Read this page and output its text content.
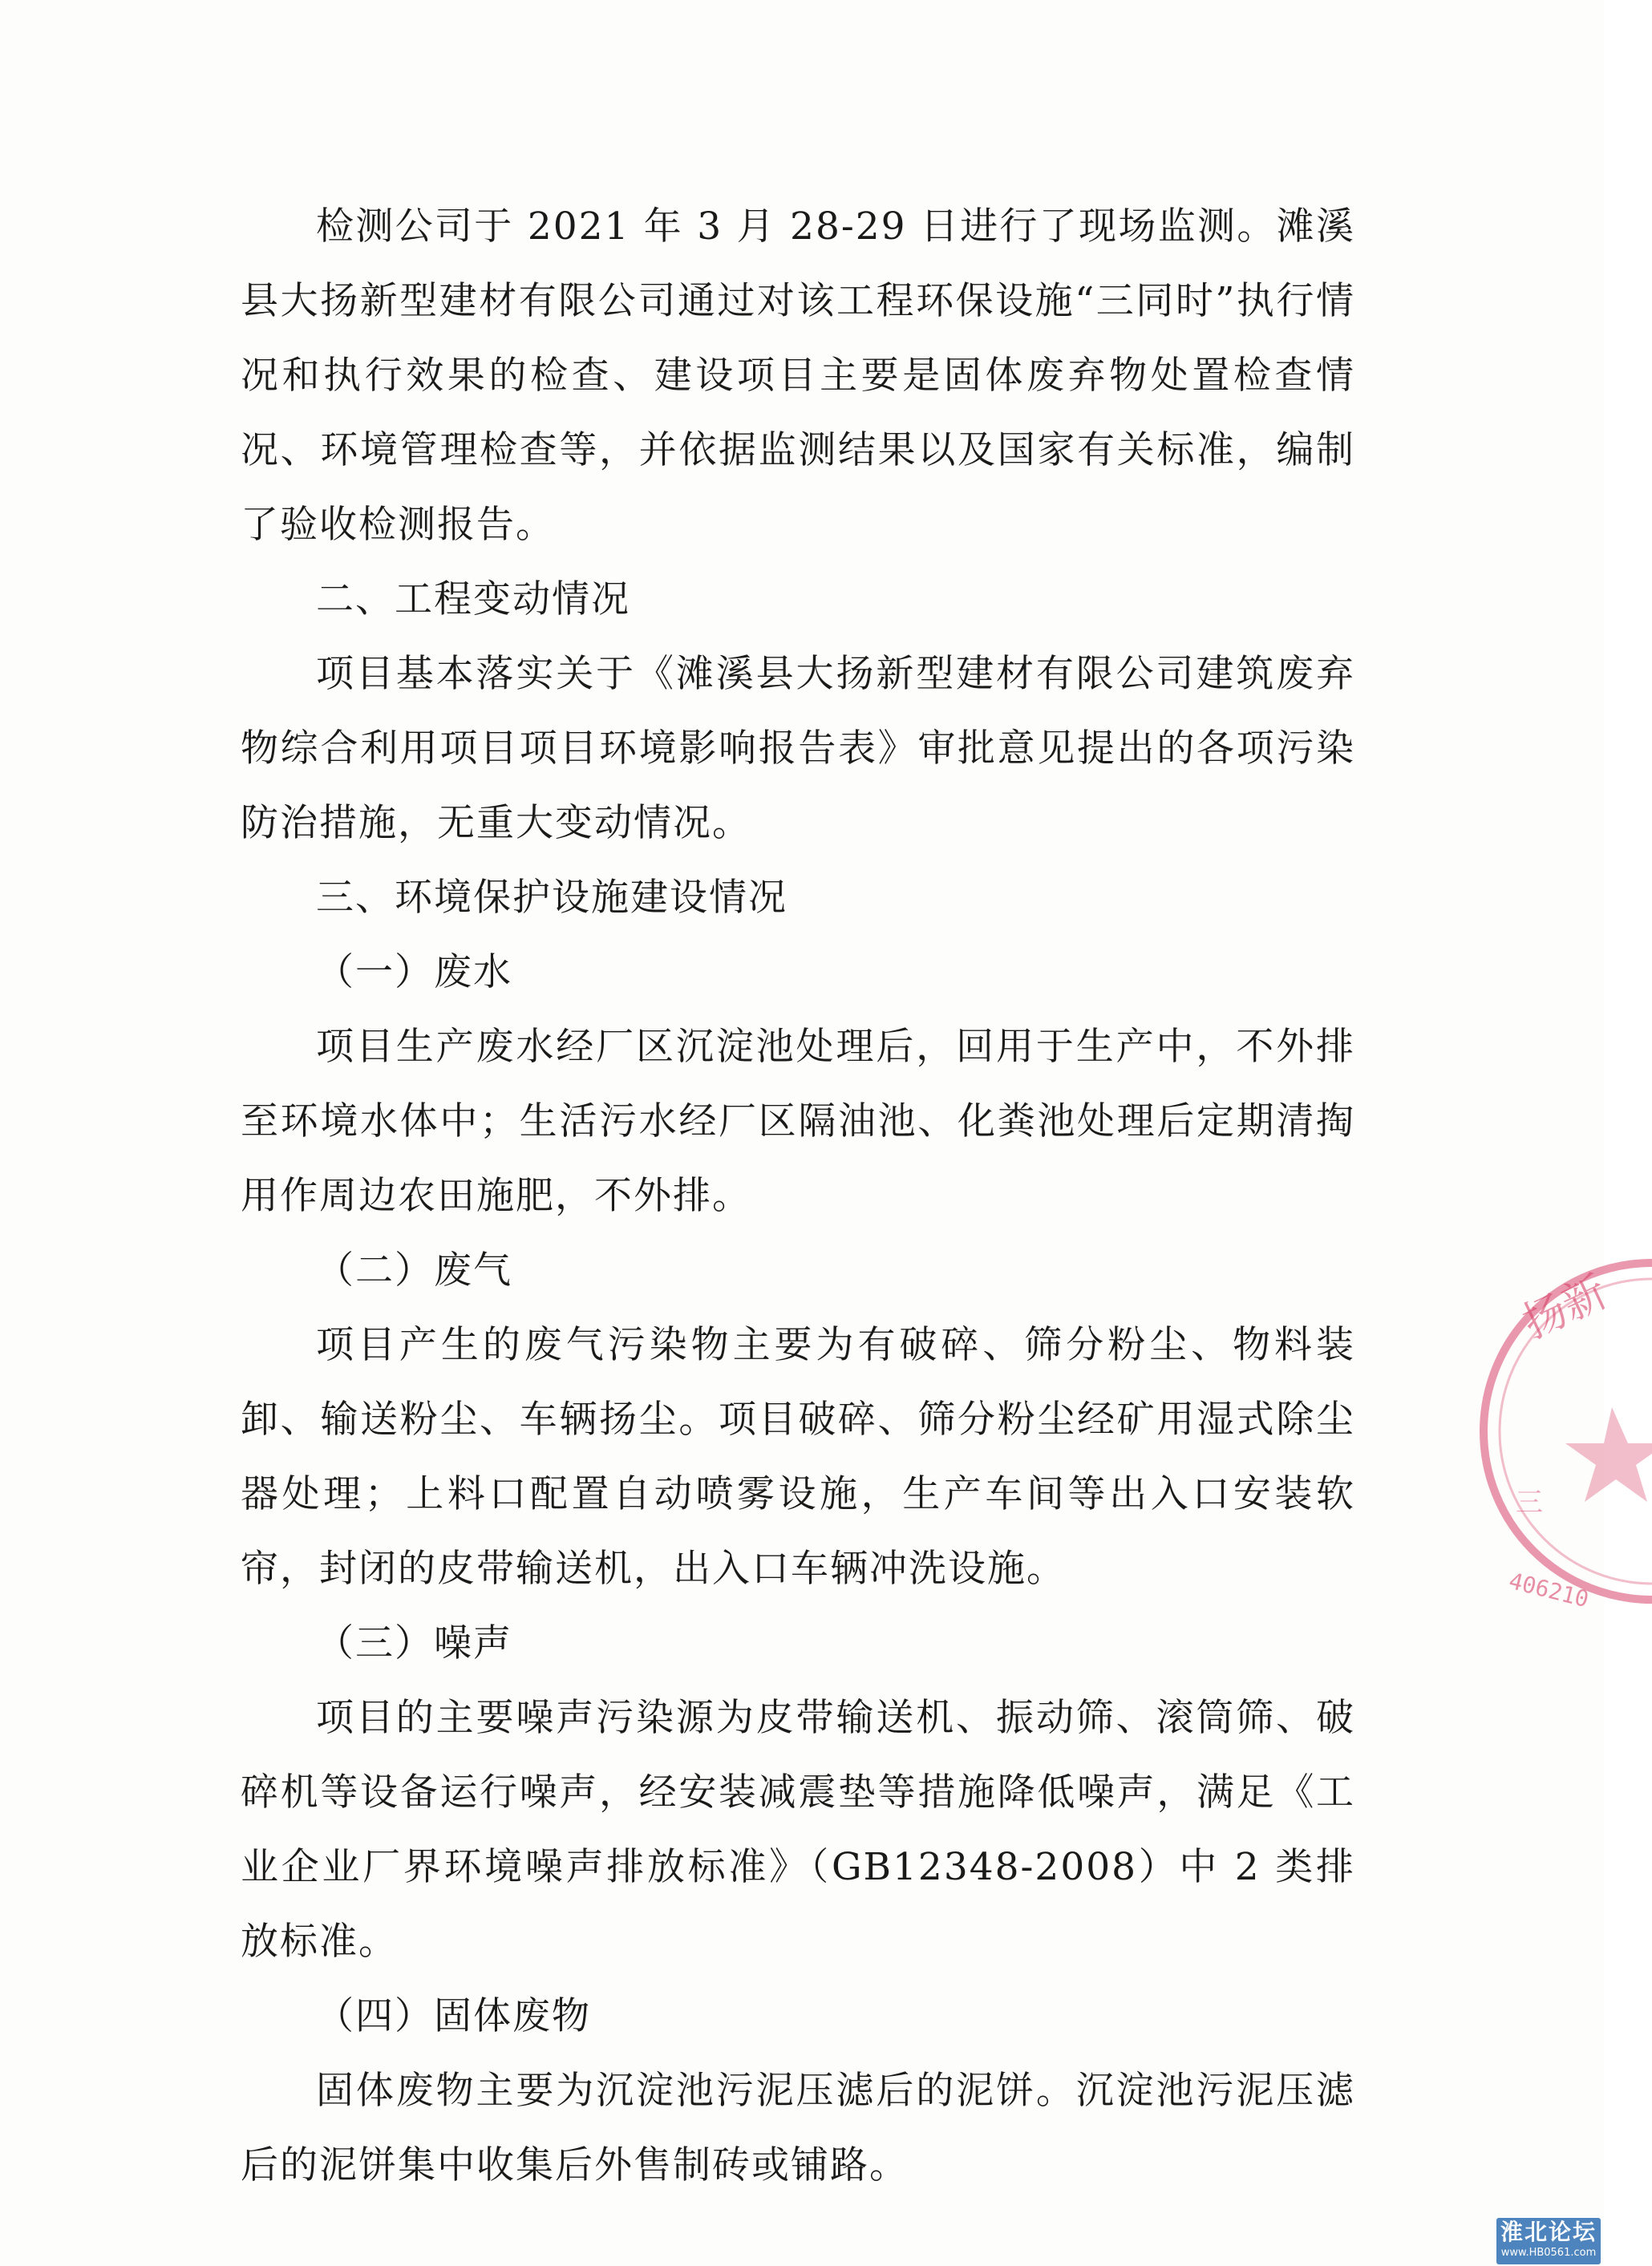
检测公司于 2021 年 3 月 28-29 日进行了现场监测。滩溪县大扬新型建材有限公司通过对该工程环保设施“三同时”执行情况和执行效果的检查、建设项目主要是固体废弃物处置检查情况、环境管理检查等，并依据监测结果以及国家有关标准，编制了验收检测报告。

二、工程变动情况

项目基本落实关于《滩溪县大扬新型建材有限公司建筑废弃物综合利用项目项目环境影响报告表》审批意见提出的各项污染防治措施，无重大变动情况。

三、环境保护设施建设情况

（一）废水

项目生产废水经厂区沉淀池处理后，回用于生产中，不外排至环境水体中；生活污水经厂区隔油池、化粪池处理后定期清掏用作周边农田施肥，不外排。

（二）废气

项目产生的废气污染物主要为有破碎、筛分粉尘、物料装卸、输送粉尘、车辆扬尘。项目破碎、筛分粉尘经矿用湿式除尘器处理；上料口配置自动喷雾设施，生产车间等出入口安装软帘，封闭的皮带输送机，出入口车辆冲洗设施。

（三）噪声

项目的主要噪声污染源为皮带输送机、振动筛、滚筒筛、破碎机等设备运行噪声，经安装减震垫等措施降低噪声，满足《工业企业厂界环境噪声排放标准》（GB12348-2008）中 2 类排放标准。

（四）固体废物

固体废物主要为沉淀池污泥压滤后的泥饼。沉淀池污泥压滤后的泥饼集中收集后外售制砖或铺路。

扬新
三
406210
淮北论坛
www.HB0561.com
